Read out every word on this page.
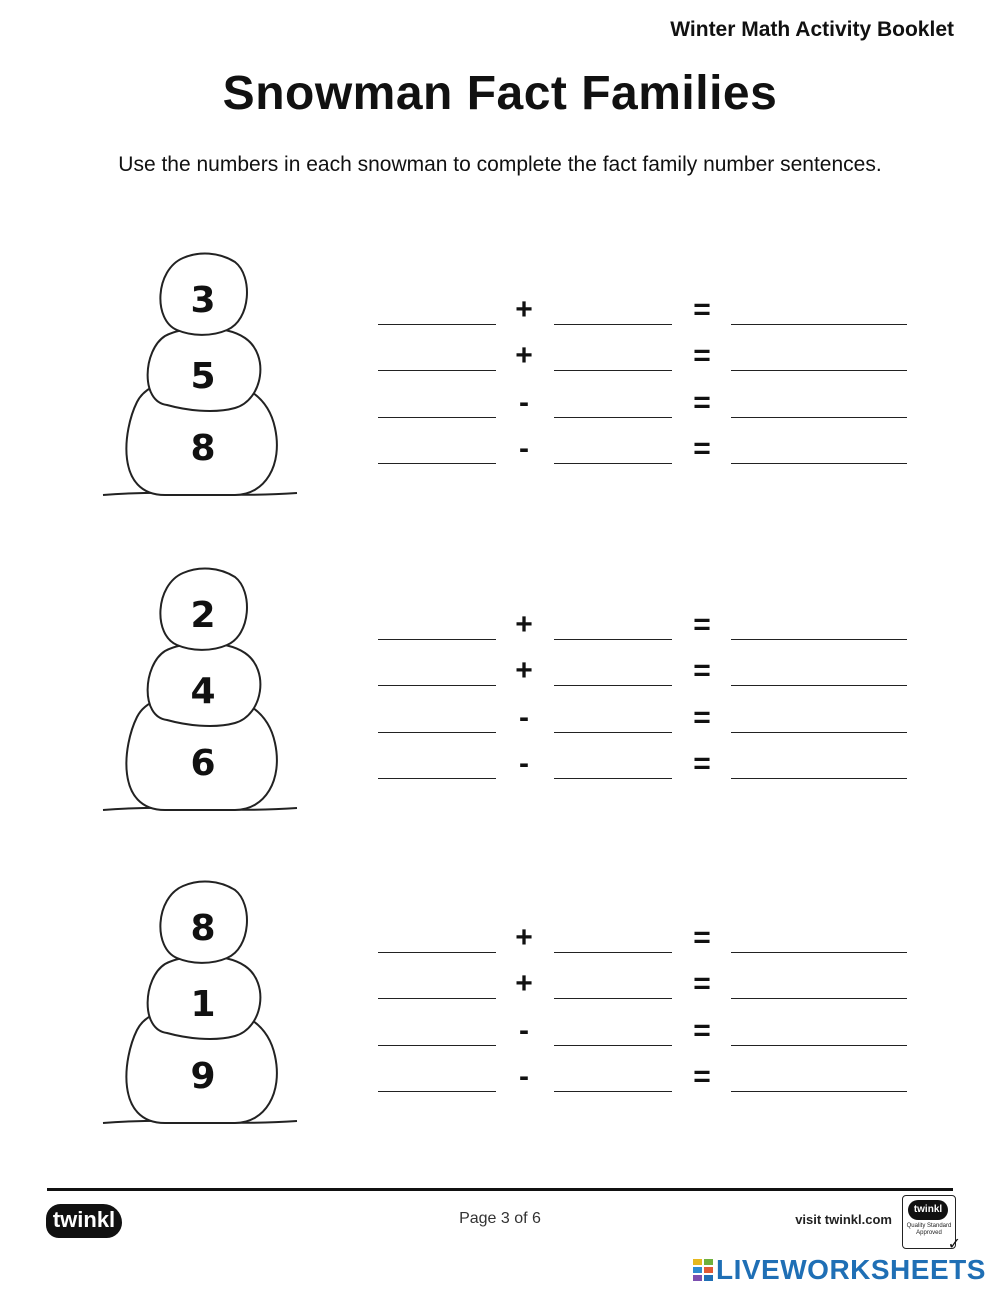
Winter Math Activity Booklet
Snowman Fact Families
Use the numbers in each snowman to complete the fact family number sentences.
3
5
8
+	=
+	=
-	=
-	=
2
4
6
+	=
+	=
-	=
-	=
8
1
9
+	=
+	=
-	=
-	=
twinkl	Page 3 of 6	visit twinkl.com
twinkl
Quality Standard Approved
✓
LIVEWORKSHEETS
